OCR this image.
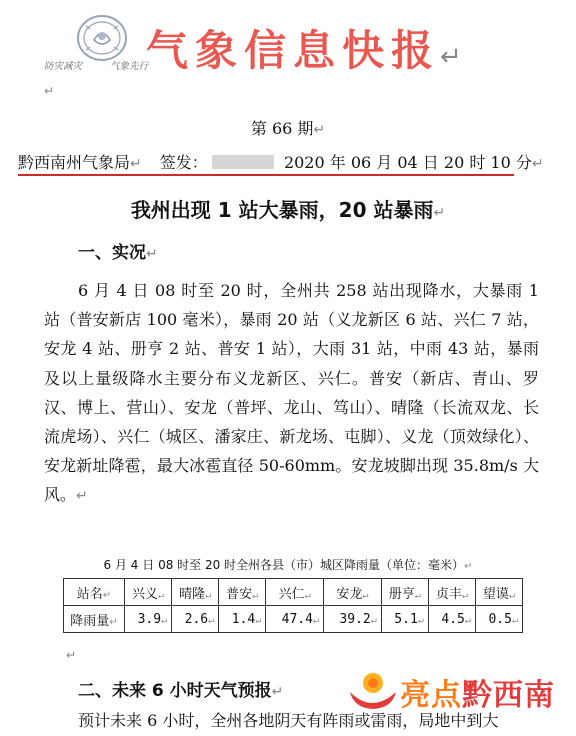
防灾减灾	气象先行
↵
气象信息快报↵
第 66 期↵
黔西南州气象局↵ 签发：	2020 年 06 月 04 日 20 时 10 分↵
我州出现 1 站大暴雨，20 站暴雨↵
一、实况↵
6 月 4 日 08 时至 20 时，全州共 258 站出现降水，大暴雨 1 站（普安新店 100 毫米），暴雨 20 站（义龙新区 6 站、兴仁 7 站，安龙 4 站、册亨 2 站、普安 1 站），大雨 31 站，中雨 43 站，暴雨及以上量级降水主要分布义龙新区、兴仁。普安（新店、青山、罗汉、博上、营山）、安龙（普坪、龙山、笃山）、晴隆（长流双龙、长流虎场）、兴仁（城区、潘家庄、新龙场、屯脚）、义龙（顶效绿化）、安龙新址降雹，最大冰雹直径 50-60mm。安龙坡脚出现 35.8m/s 大风。↵
6 月 4 日 08 时至 20 时全州各县（市）城区降雨量（单位：毫米）↵
站名↵	兴义↵	晴隆↵	普安↵	兴仁↵	安龙↵	册亨↵	贞丰↵	望谟↵
降雨量↵	3.9↵	2.6↵	1.4↵	47.4↵	39.2↵	5.1↵	4.5↵	0.5↵
↵
二、未来 6 小时天气预报↵
预计未来 6 小时，全州各地阴天有阵雨或雷雨，局地中到大
亮点黔西南
